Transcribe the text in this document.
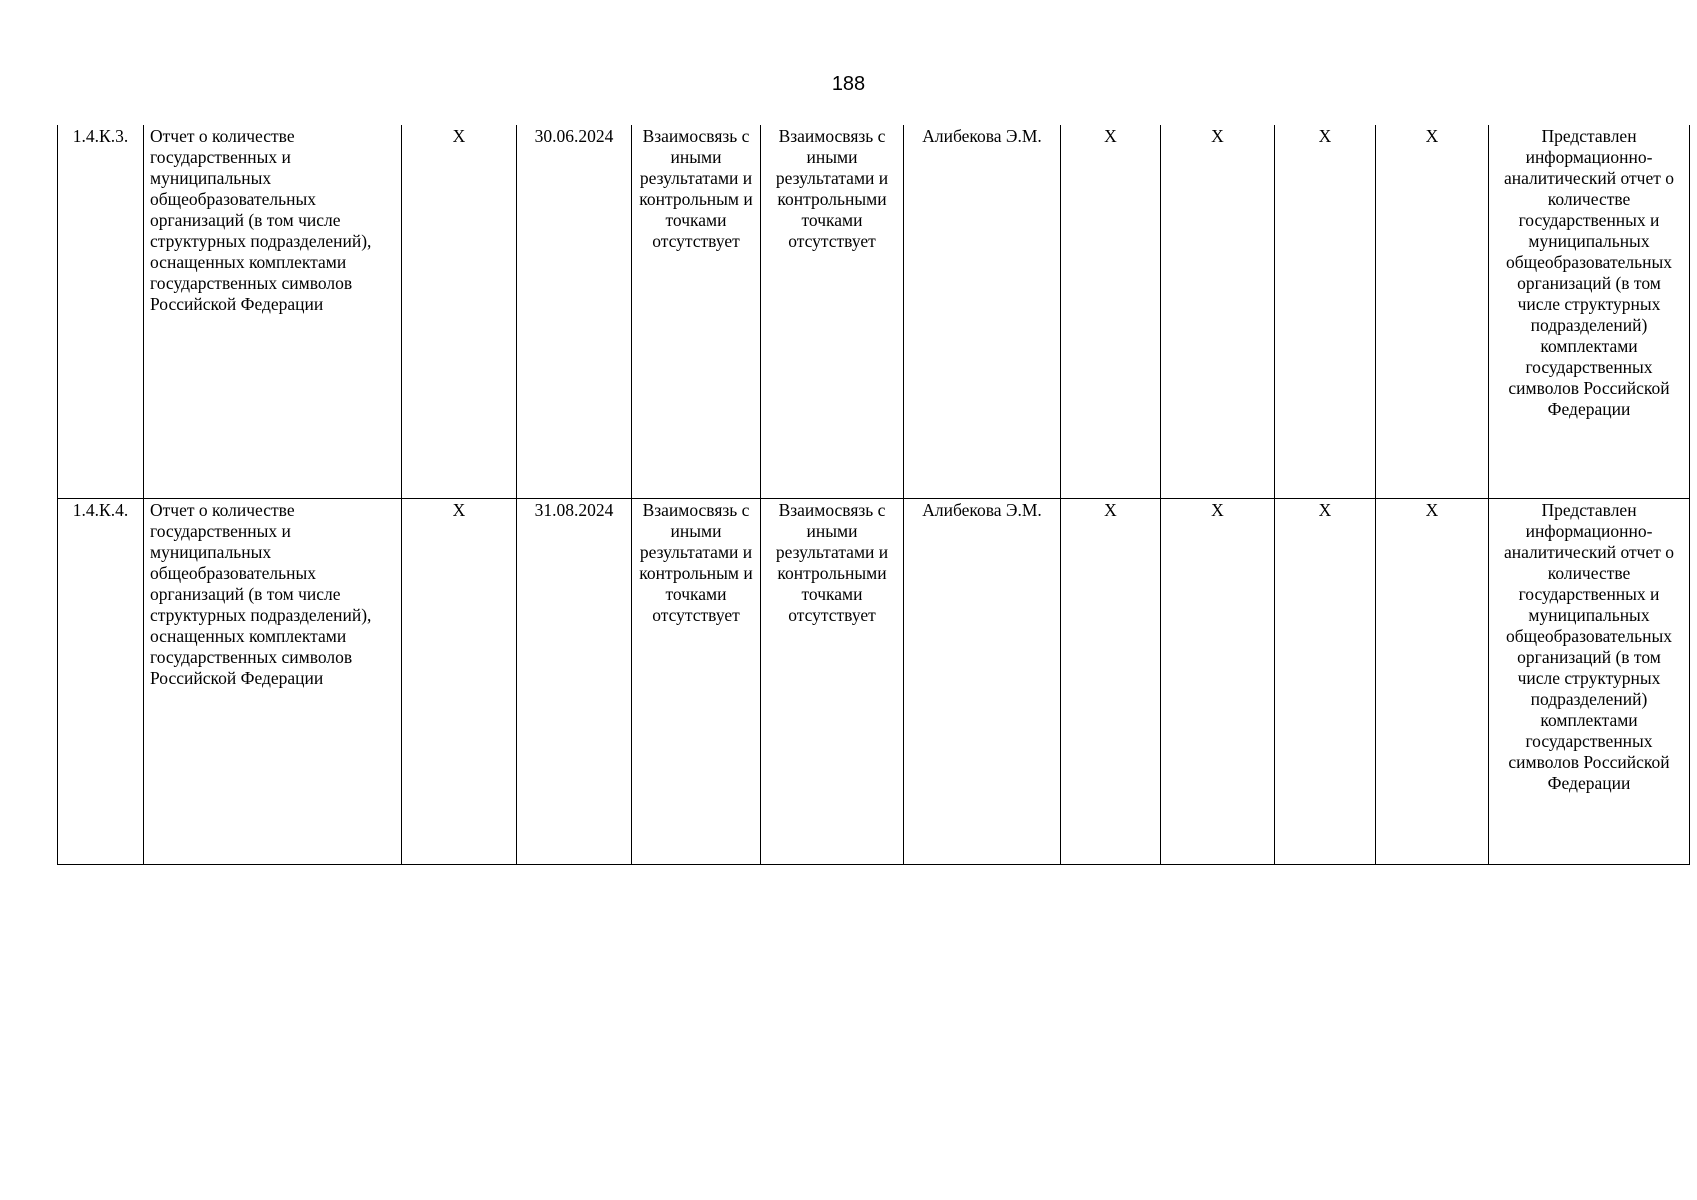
188
1.4.К.3.	Отчет о количестве государственных и муниципальных общеобразовательных организаций (в том числе структурных подразделений), оснащенных комплектами государственных символов Российской Федерации	Х	30.06.2024	Взаимосвязь с иными результатами и контрольным и точками отсутствует	Взаимосвязь с иными результатами и контрольными точками отсутствует	Алибекова Э.М.	Х	Х	Х	Х	Представлен информационно-аналитический отчет о количестве государственных и муниципальных общеобразовательных организаций (в том числе структурных подразделений) комплектами государственных символов Российской Федерации
1.4.К.4.	Отчет о количестве государственных и муниципальных общеобразовательных организаций (в том числе структурных подразделений), оснащенных комплектами государственных символов Российской Федерации	Х	31.08.2024	Взаимосвязь с иными результатами и контрольным и точками отсутствует	Взаимосвязь с иными результатами и контрольными точками отсутствует	Алибекова Э.М.	Х	Х	Х	Х	Представлен информационно-аналитический отчет о количестве государственных и муниципальных общеобразовательных организаций (в том числе структурных подразделений) комплектами государственных символов Российской Федерации
